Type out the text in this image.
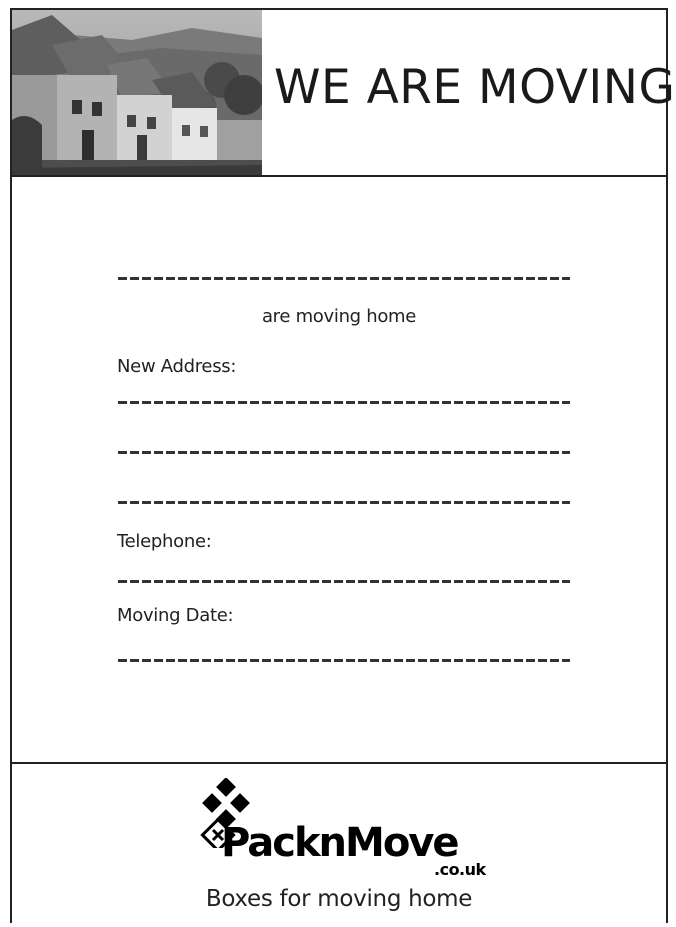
WE ARE MOVING
are moving home
New Address:
Telephone:
Moving Date:
PacknMove
.co.uk
Boxes for moving home
